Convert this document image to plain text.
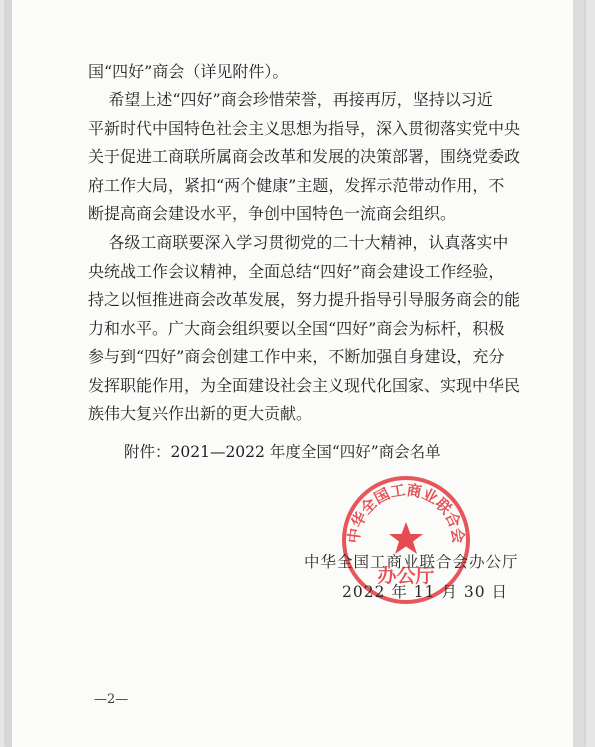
国“四好”商会（详见附件）。

希望上述“四好”商会珍惜荣誉，再接再厉，坚持以习近
平新时代中国特色社会主义思想为指导，深入贯彻落实党中央
关于促进工商联所属商会改革和发展的决策部署，围绕党委政
府工作大局，紧扣“两个健康”主题，发挥示范带动作用，不
断提高商会建设水平，争创中国特色一流商会组织。

各级工商联要深入学习贯彻党的二十大精神，认真落实中
央统战工作会议精神，全面总结“四好”商会建设工作经验，
持之以恒推进商会改革发展，努力提升指导引导服务商会的能
力和水平。广大商会组织要以全国“四好”商会为标杆，积极
参与到“四好”商会创建工作中来，不断加强自身建设，充分
发挥职能作用，为全面建设社会主义现代化国家、实现中华民
族伟大复兴作出新的更大贡献。

附件：2021—2022 年度全国“四好”商会名单
中华全国工商业联合会
办公厅
中华全国工商业联合会办公厅
2022 年 11 月 30 日
—2—
